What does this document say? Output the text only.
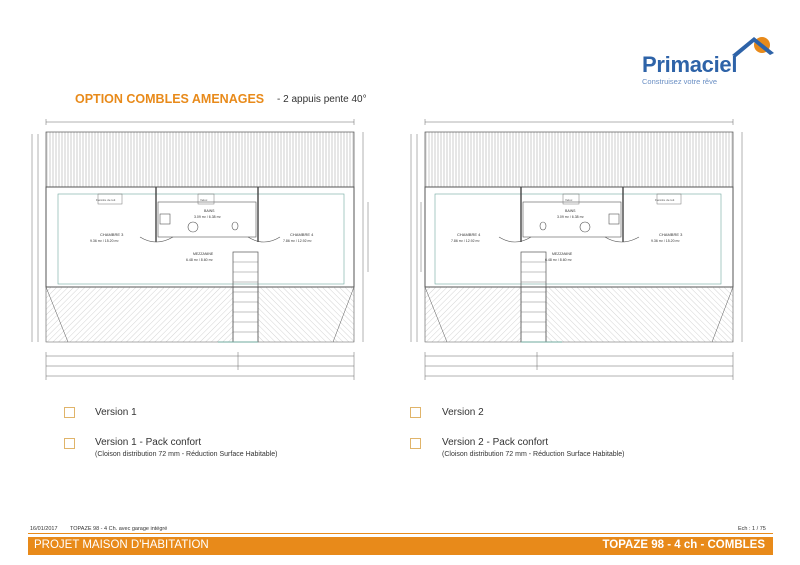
Primaciel
Construisez votre rêve
OPTION COMBLES AMENAGES - 2 appuis pente 40°
CHAMBRE 3
9.36 m² / 15.20 m²
BAINS
3.09 m² / 6.38 m²
CHAMBRE 4
7.86 m² / 12.92 m²
MEZZANINE
6.48 m² / 8.60 m²
Fenêtre de toit	Velux
CHAMBRE 4
7.86 m² / 12.92 m²
BAINS
3.09 m² / 6.38 m²
CHAMBRE 3
9.36 m² / 15.20 m²
MEZZANINE
6.48 m² / 8.60 m²
Velux	Fenêtre de toit
Version 1
Version 1 - Pack confort
(Cloison distribution 72 mm - Réduction Surface Habitable)
Version 2
Version 2 - Pack confort
(Cloison distribution 72 mm - Réduction Surface Habitable)
16/01/2017 TOPAZE 98 - 4 Ch. avec garage intégré	Ech : 1 / 75
PROJET MAISON D'HABITATION	TOPAZE 98 - 4 ch - COMBLES
